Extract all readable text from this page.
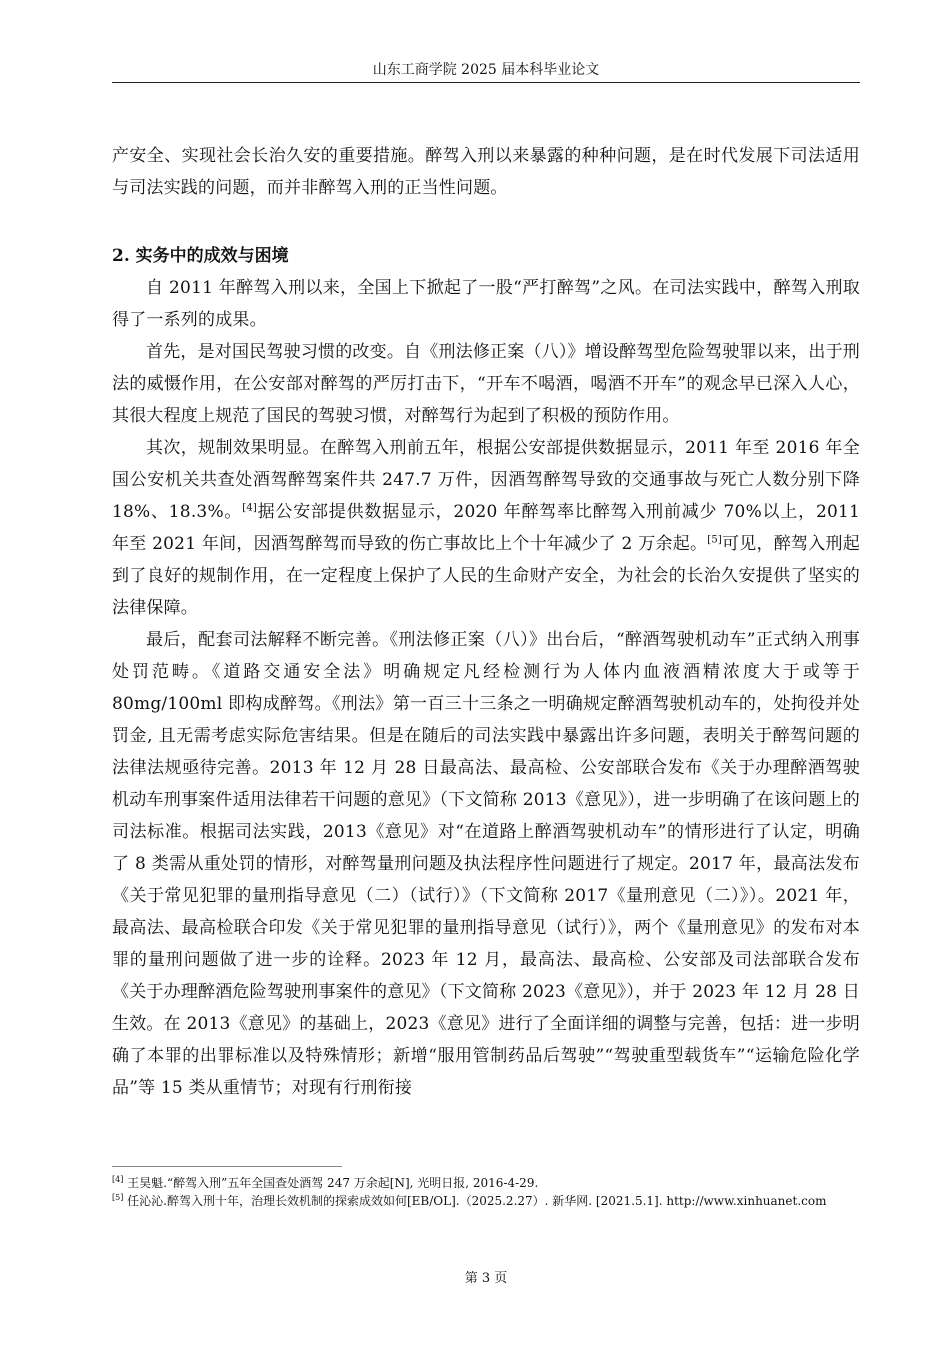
山东工商学院 2025 届本科毕业论文

产安全、实现社会长治久安的重要措施。醉驾入刑以来暴露的种种问题，是在时代发展下司法适用与司法实践的问题，而并非醉驾入刑的正当性问题。

2. 实务中的成效与困境

自 2011 年醉驾入刑以来，全国上下掀起了一股“严打醉驾”之风。在司法实践中，醉驾入刑取得了一系列的成果。

首先，是对国民驾驶习惯的改变。自《刑法修正案（八）》增设醉驾型危险驾驶罪以来，出于刑法的威慑作用，在公安部对醉驾的严厉打击下，“开车不喝酒，喝酒不开车”的观念早已深入人心，其很大程度上规范了国民的驾驶习惯，对醉驾行为起到了积极的预防作用。

其次，规制效果明显。在醉驾入刑前五年，根据公安部提供数据显示，2011 年至 2016 年全国公安机关共查处酒驾醉驾案件共 247.7 万件，因酒驾醉驾导致的交通事故与死亡人数分别下降 18%、18.3%。[4]据公安部提供数据显示，2020 年醉驾率比醉驾入刑前减少 70%以上，2011 年至 2021 年间，因酒驾醉驾而导致的伤亡事故比上个十年减少了 2 万余起。[5]可见，醉驾入刑起到了良好的规制作用，在一定程度上保护了人民的生命财产安全，为社会的长治久安提供了坚实的法律保障。

最后，配套司法解释不断完善。《刑法修正案（八）》出台后，“醉酒驾驶机动车”正式纳入刑事处罚范畴。《道路交通安全法》明确规定凡经检测行为人体内血液酒精浓度大于或等于 80mg/100ml 即构成醉驾。《刑法》第一百三十三条之一明确规定醉酒驾驶机动车的，处拘役并处罚金, 且无需考虑实际危害结果。但是在随后的司法实践中暴露出许多问题，表明关于醉驾问题的法律法规亟待完善。2013 年 12 月 28 日最高法、最高检、公安部联合发布《关于办理醉酒驾驶机动车刑事案件适用法律若干问题的意见》（下文简称 2013《意见》），进一步明确了在该问题上的司法标准。根据司法实践，2013《意见》对“在道路上醉酒驾驶机动车”的情形进行了认定，明确了 8 类需从重处罚的情形，对醉驾量刑问题及执法程序性问题进行了规定。2017 年，最高法发布《关于常见犯罪的量刑指导意见（二）（试行）》（下文简称 2017《量刑意见（二）》）。2021 年，最高法、最高检联合印发《关于常见犯罪的量刑指导意见（试行）》，两个《量刑意见》的发布对本罪的量刑问题做了进一步的诠释。2023 年 12 月，最高法、最高检、公安部及司法部联合发布《关于办理醉酒危险驾驶刑事案件的意见》（下文简称 2023《意见》），并于 2023 年 12 月 28 日生效。在 2013《意见》的基础上，2023《意见》进行了全面详细的调整与完善，包括：进一步明确了本罪的出罪标准以及特殊情形；新增“服用管制药品后驾驶”“驾驶重型载货车”“运输危险化学品”等 15 类从重情节；对现有行刑衔接

[4] 王昊魁.“醉驾入刑”五年全国查处酒驾 247 万余起[N], 光明日报, 2016-4-29.

[5] 任沁沁.醉驾入刑十年，治理长效机制的探索成效如何[EB/OL].（2025.2.27）. 新华网. [2021.5.1]. http://www.xinhuanet.com

第 3 页
